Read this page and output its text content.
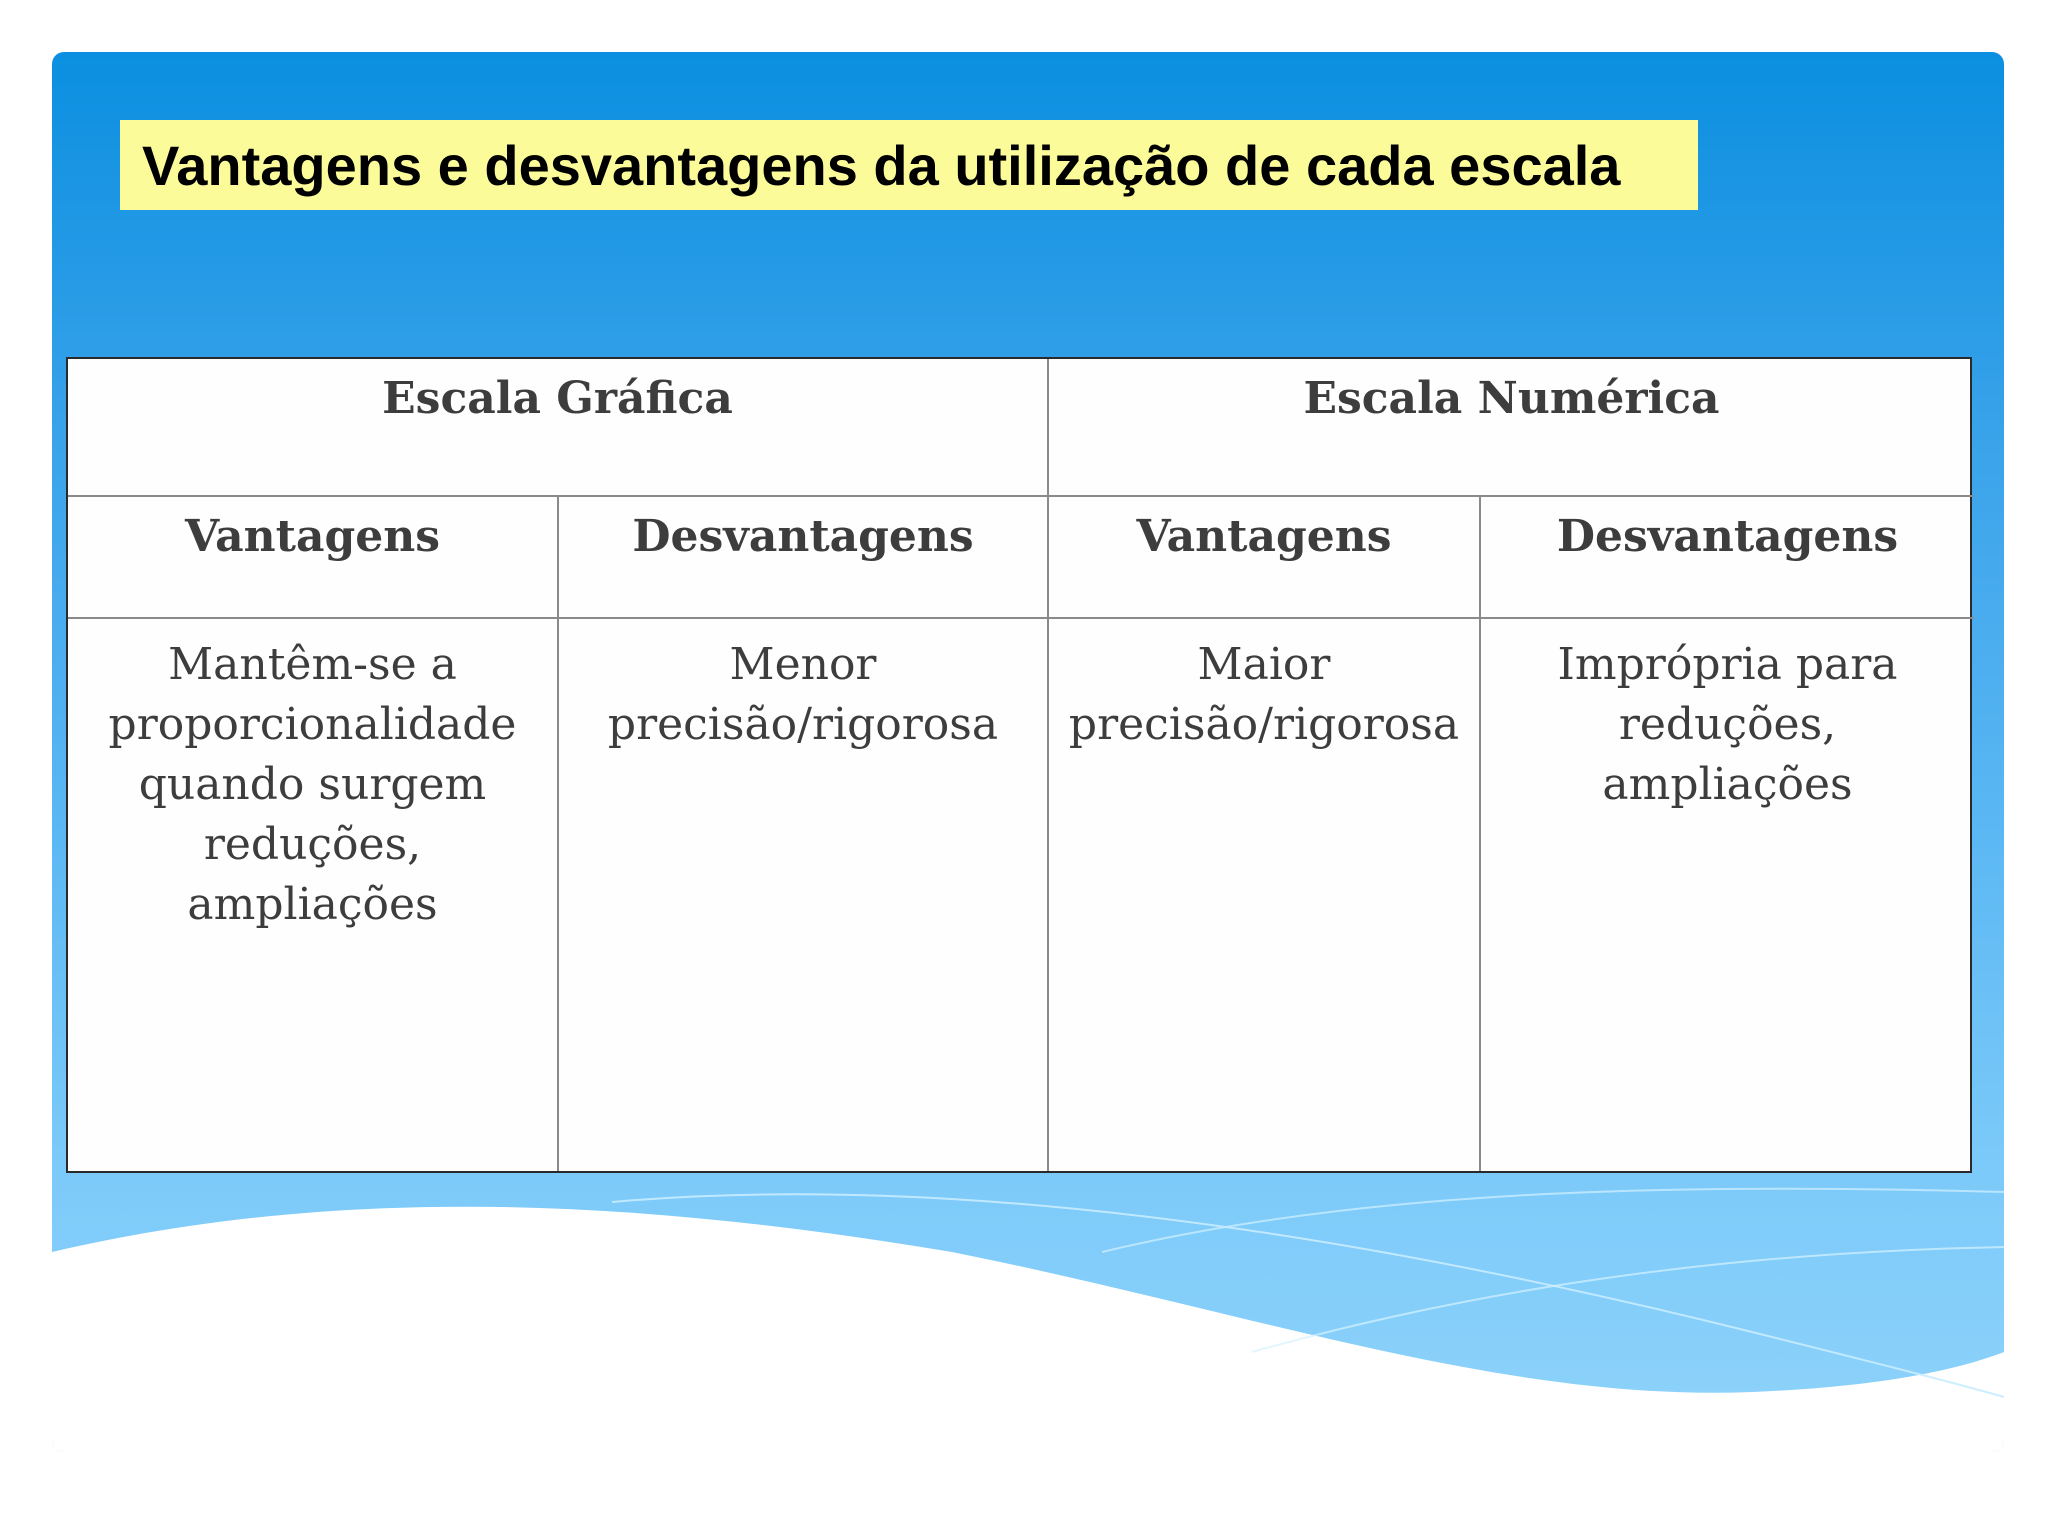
Vantagens e desvantagens da utilização de cada escala
Escala Gráfica		Escala Numérica	
Vantagens	Desvantagens	Vantagens	Desvantagens
Mantêm-se a proporcionalidade quando surgem reduções, ampliações	Menor precisão/rigorosa	Maior precisão/rigorosa	Imprópria para reduções, ampliações
